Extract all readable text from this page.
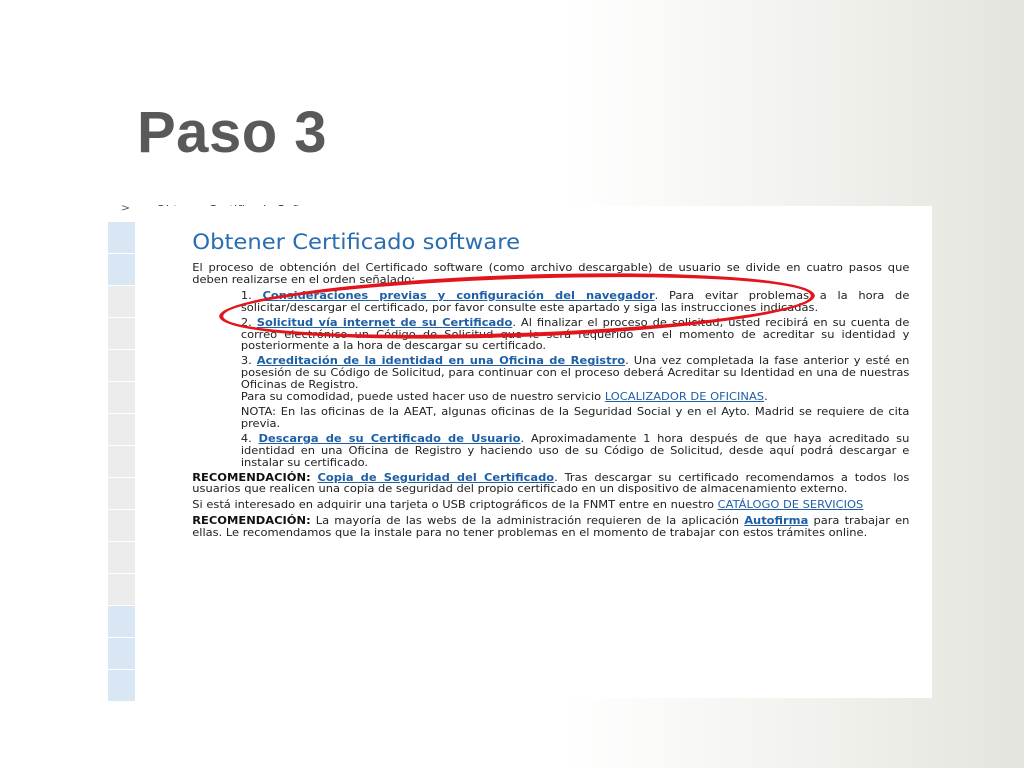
Paso 3
>
Obtener Certificado software

El proceso de obtención del Certificado software (como archivo descargable) de usuario se divide en cuatro pasos que deben realizarse en el orden señalado:

1. Consideraciones previas y configuración del navegador. Para evitar problemas a la hora de solicitar/descargar el certificado, por favor consulte este apartado y siga las instrucciones indicadas.

2. Solicitud vía internet de su Certificado. Al finalizar el proceso de solicitud, usted recibirá en su cuenta de correo electrónico un Código de Solicitud que le será requerido en el momento de acreditar su identidad y posteriormente a la hora de descargar su certificado.

3. Acreditación de la identidad en una Oficina de Registro. Una vez completada la fase anterior y esté en posesión de su Código de Solicitud, para continuar con el proceso deberá Acreditar su Identidad en una de nuestras Oficinas de Registro.

Para su comodidad, puede usted hacer uso de nuestro servicio LOCALIZADOR DE OFICINAS.

NOTA: En las oficinas de la AEAT, algunas oficinas de la Seguridad Social y en el Ayto. Madrid se requiere de cita previa.

4. Descarga de su Certificado de Usuario. Aproximadamente 1 hora después de que haya acreditado su identidad en una Oficina de Registro y haciendo uso de su Código de Solicitud, desde aquí podrá descargar e instalar su certificado.

RECOMENDACIÓN: Copia de Seguridad del Certificado. Tras descargar su certificado recomendamos a todos los usuarios que realicen una copia de seguridad del propio certificado en un dispositivo de almacenamiento externo.

Si está interesado en adquirir una tarjeta o USB criptográficos de la FNMT entre en nuestro CATÁLOGO DE SERVICIOS

RECOMENDACIÓN: La mayoría de las webs de la administración requieren de la aplicación Autofirma para trabajar en ellas. Le recomendamos que la instale para no tener problemas en el momento de trabajar con estos trámites online.
